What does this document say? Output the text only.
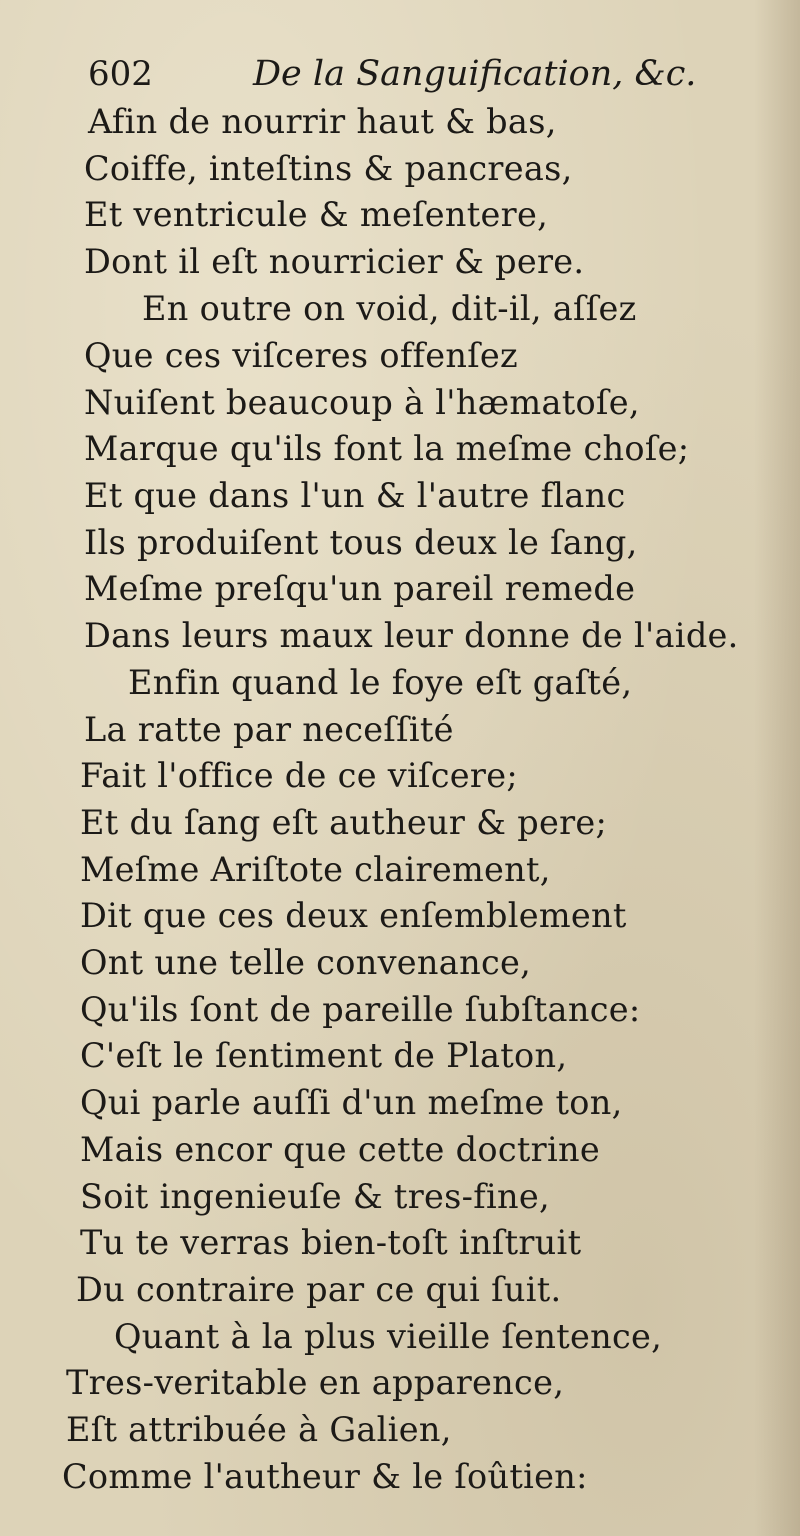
602	De la Sanguification, &c.
Afin de nourrir haut & bas,
Coiffe, inteſtins & pancreas,
Et ventricule & meſentere,
Dont il eſt nourricier & pere.
En outre on void, dit-il, aſſez
Que ces viſceres offenſez
Nuiſent beaucoup à l'hæmatoſe,
Marque qu'ils font la meſme choſe;
Et que dans l'un & l'autre flanc
Ils produiſent tous deux le ſang,
Meſme preſqu'un pareil remede
Dans leurs maux leur donne de l'aide.
Enfin quand le foye eſt gaſté,
La ratte par neceſſité
Fait l'office de ce viſcere;
Et du ſang eſt autheur & pere;
Meſme Ariſtote clairement,
Dit que ces deux enſemblement
Ont une telle convenance,
Qu'ils ſont de pareille ſubſtance:
C'eſt le ſentiment de Platon,
Qui parle auſſi d'un meſme ton,
Mais encor que cette doctrine
Soit ingenieuſe & tres-fine,
Tu te verras bien-toſt inſtruit
Du contraire par ce qui ſuit.
Quant à la plus vieille ſentence,
Tres-veritable en apparence,
Eſt attribuée à Galien,
Comme l'autheur & le ſoûtien:
